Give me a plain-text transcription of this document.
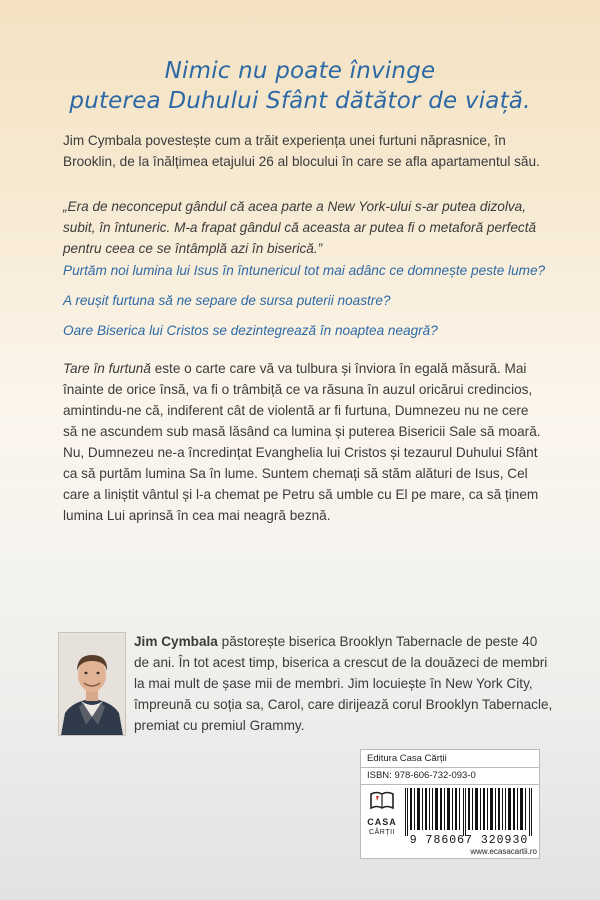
Nimic nu poate învinge
puterea Duhului Sfânt dătător de viață.

Jim Cymbala povestește cum a trăit experiența unei furtuni năprasnice, în Brooklin, de la înălțimea etajului 26 al blocului în care se afla apartamentul său.

„Era de neconceput gândul că acea parte a New York-ului s-ar putea dizolva, subit, în întuneric. M-a frapat gândul că aceasta ar putea fi o metaforă perfectă pentru ceea ce se întâmplă azi în biserică.”

Purtăm noi lumina lui Isus în întunericul tot mai adânc ce domnește peste lume?

A reușit furtuna să ne separe de sursa puterii noastre?

Oare Biserica lui Cristos se dezintegrează în noaptea neagră?

Tare în furtună este o carte care vă va tulbura și înviora în egală măsură. Mai înainte de orice însă, va fi o trâmbiță ce va răsuna în auzul oricărui credincios, amintindu-ne că, indiferent cât de violentă ar fi furtuna, Dumnezeu nu ne cere să ne ascundem sub masă lăsând ca lumina și puterea Bisericii Sale să moară. Nu, Dumnezeu ne-a încredințat Evanghelia lui Cristos și tezaurul Duhului Sfânt ca să purtăm lumina Sa în lume. Suntem chemați să stăm alături de Isus, Cel care a liniștit vântul și l-a chemat pe Petru să umble cu El pe mare, ca să ținem lumina Lui aprinsă în cea mai neagră beznă.

Jim Cymbala păstorește biserica Brooklyn Tabernacle de peste 40 de ani. În tot acest timp, biserica a crescut de la douăzeci de membri la mai mult de șase mii de membri. Jim locuiește în New York City, împreună cu soția sa, Carol, care dirijează corul Brooklyn Tabernacle, premiat cu premiul Grammy.

Editura Casa Cărții
ISBN: 978-606-732-093-0
CASA
CĂRȚII
9 786067 320930
www.ecasacartii.ro
